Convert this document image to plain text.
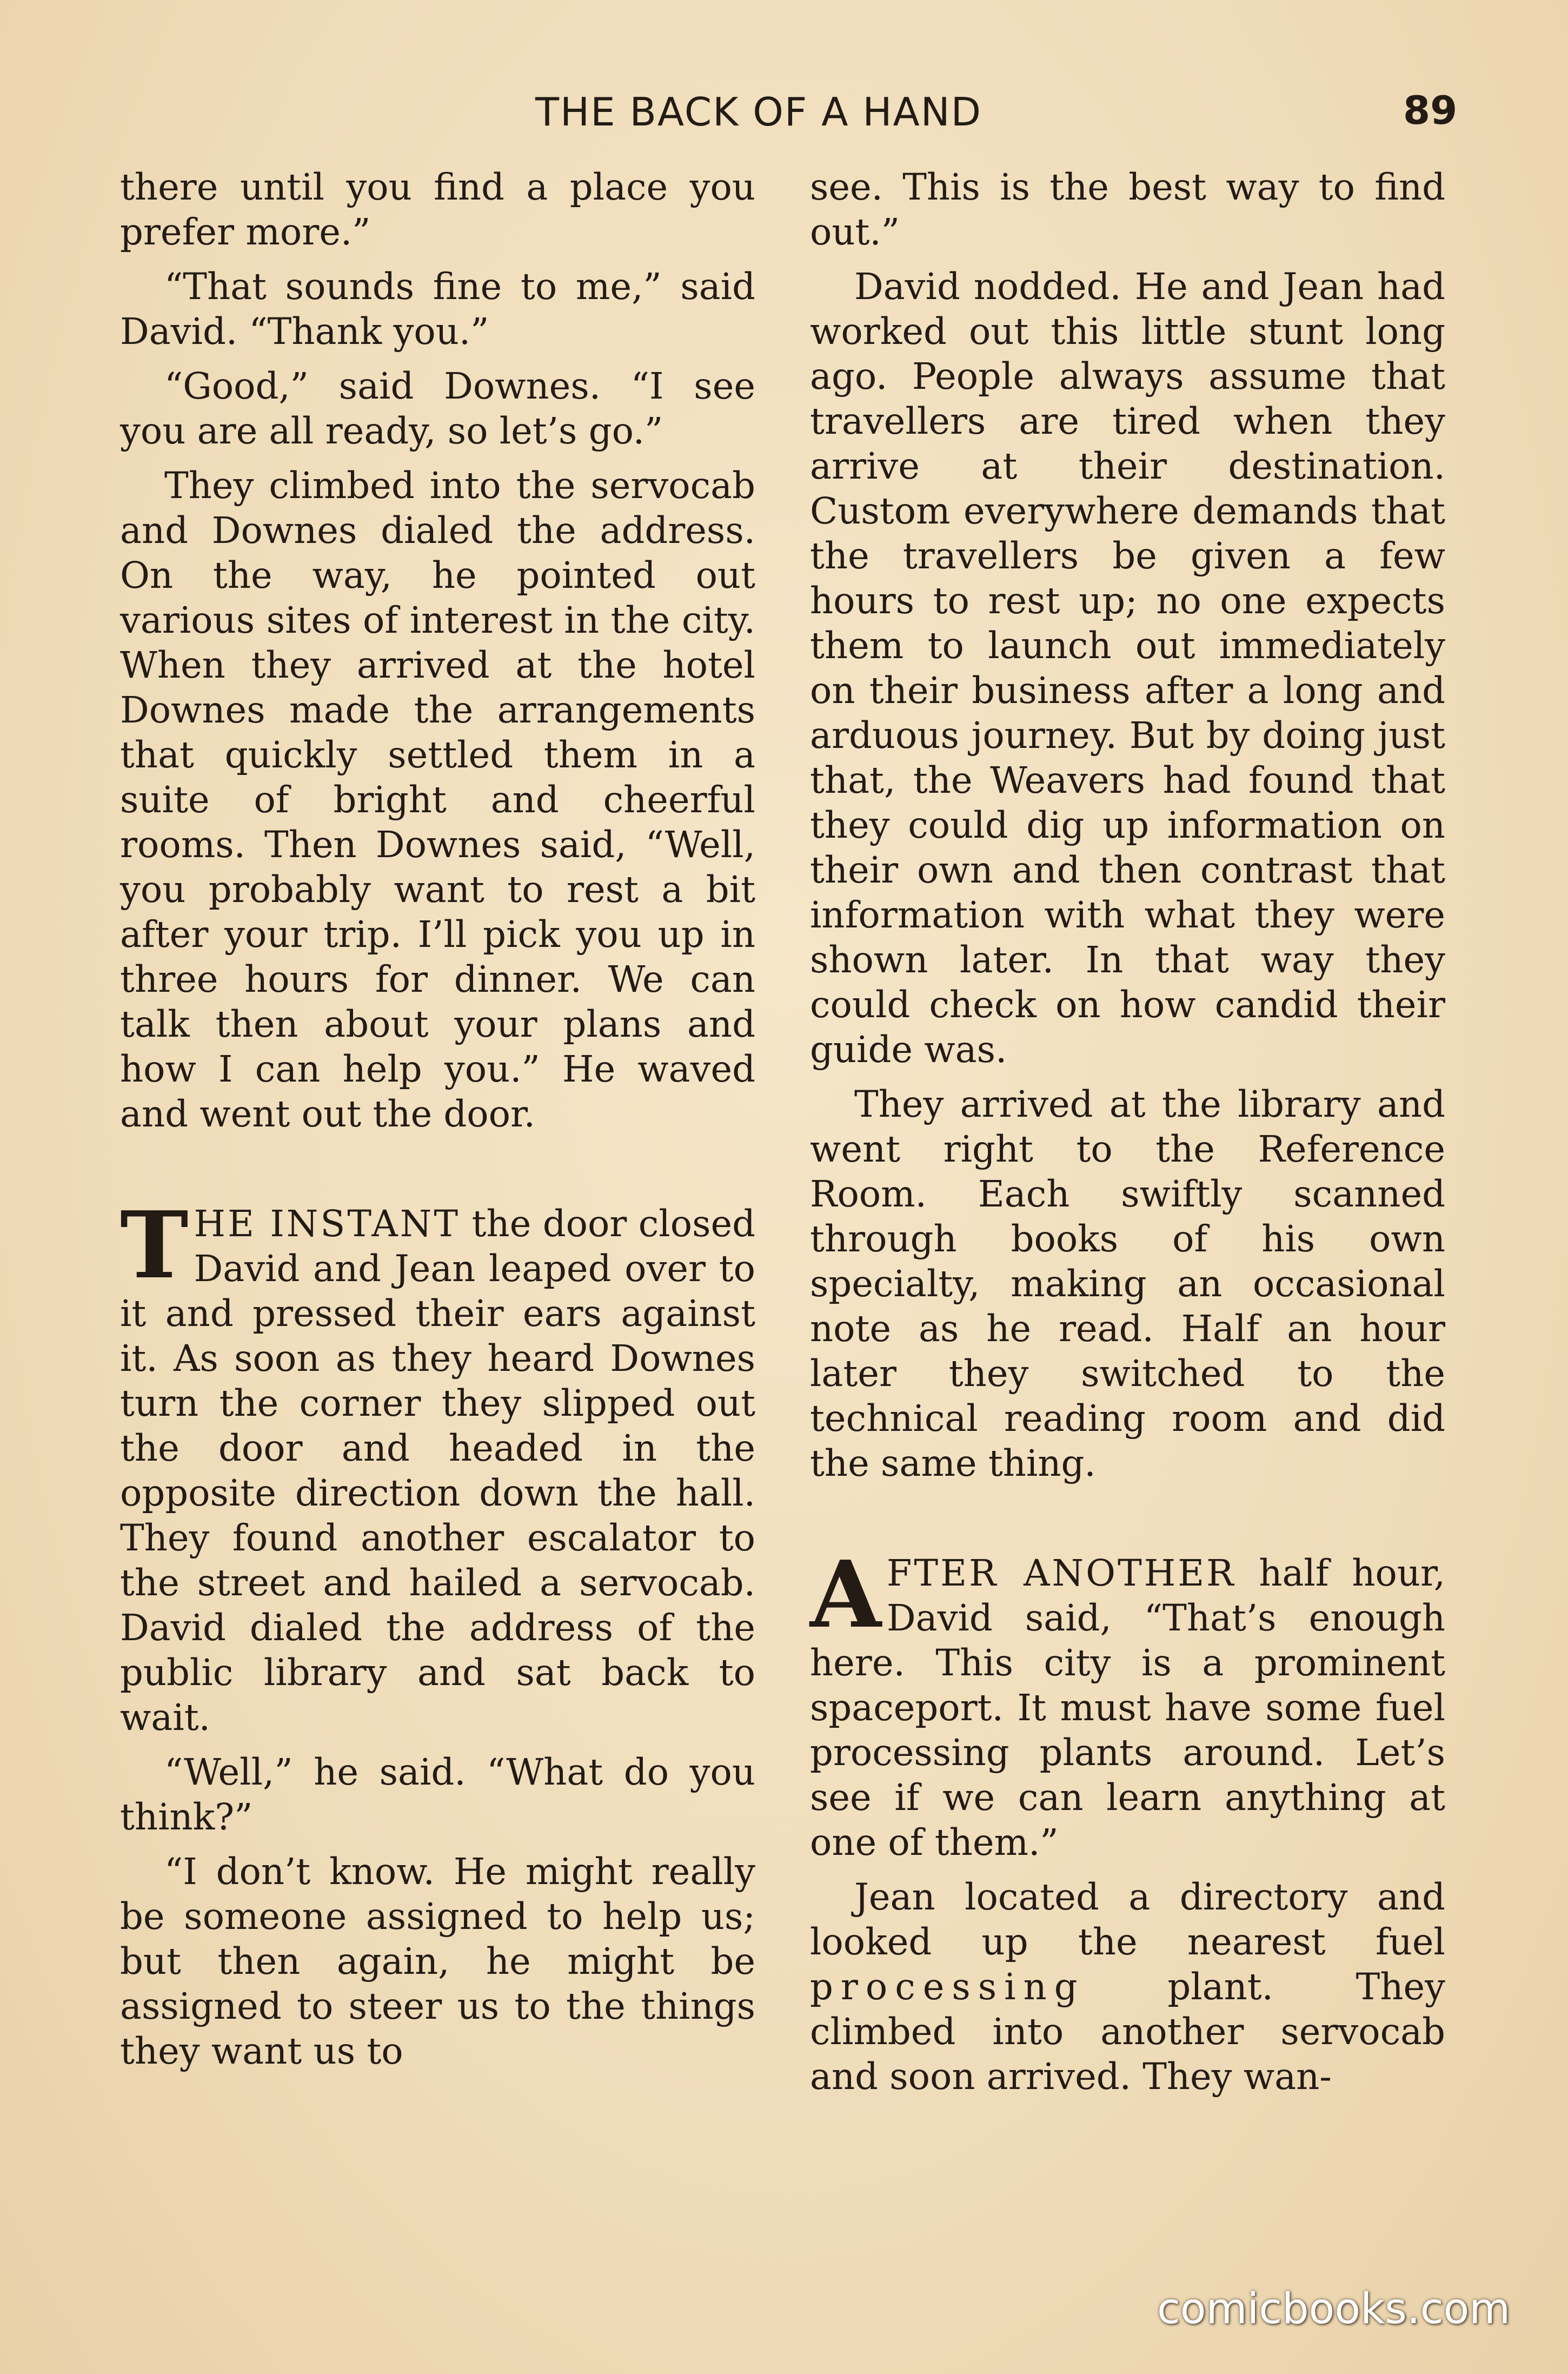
THE BACK OF A HAND	89

there until you find a place you prefer more.”

“That sounds fine to me,” said David. “Thank you.”

“Good,” said Downes. “I see you are all ready, so let’s go.”

They climbed into the servocab and Downes dialed the address. On the way, he pointed out various sites of interest in the city. When they arrived at the hotel Downes made the arrangements that quickly settled them in a suite of bright and cheerful rooms. Then Downes said, “Well, you probably want to rest a bit after your trip. I’ll pick you up in three hours for dinner. We can talk then about your plans and how I can help you.” He waved and went out the door.

THE INSTANT the door closed David and Jean leaped over to it and pressed their ears against it. As soon as they heard Downes turn the corner they slipped out the door and headed in the opposite direction down the hall. They found another escalator to the street and hailed a servocab. David dialed the address of the public library and sat back to wait.

“Well,” he said. “What do you think?”

“I don’t know. He might really be someone assigned to help us; but then again, he might be assigned to steer us to the things they want us to

see. This is the best way to find out.”

David nodded. He and Jean had worked out this little stunt long ago. People always assume that travellers are tired when they arrive at their destination. Custom everywhere demands that the travellers be given a few hours to rest up; no one expects them to launch out immediately on their business after a long and arduous journey. But by doing just that, the Weavers had found that they could dig up information on their own and then contrast that information with what they were shown later. In that way they could check on how candid their guide was.

They arrived at the library and went right to the Reference Room. Each swiftly scanned through books of his own specialty, making an occasional note as he read. Half an hour later they switched to the technical reading room and did the same thing.

AFTER ANOTHER half hour, David said, “That’s enough here. This city is a prominent spaceport. It must have some fuel processing plants around. Let’s see if we can learn anything at one of them.”

Jean located a directory and looked up the nearest fuel processing plant. They climbed into another servocab and soon arrived. They wan-

comicbooks.com
